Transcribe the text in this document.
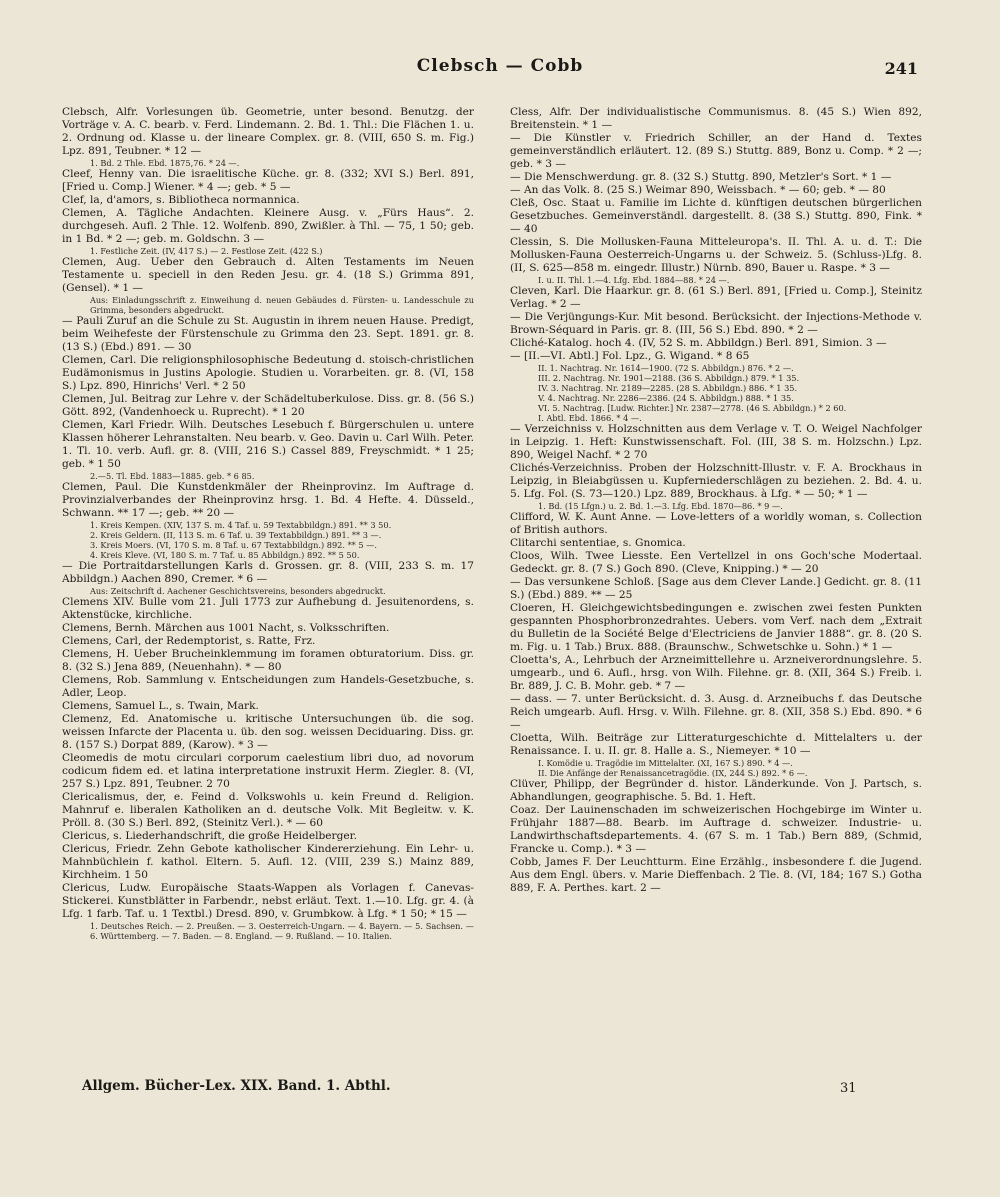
Clebsch — Cobb	241

Clebsch, Alfr. Vorlesungen üb. Geometrie, unter besond. Benutzg. der Vorträge v. A. C. bearb. v. Ferd. Lindemann. 2. Bd. 1. Thl.: Die Flächen 1. u. 2. Ordnung od. Klasse u. der lineare Complex. gr. 8. (VIII, 650 S. m. Fig.) Lpz. 891, Teubner. * 12 —

1. Bd. 2 Thle. Ebd. 1875,76. * 24 —.

Cleef, Henny van. Die israelitische Küche. gr. 8. (332; XVI S.) Berl. 891, [Fried u. Comp.] Wiener. * 4 —; geb. * 5 —

Clef, la, d'amors, s. Bibliotheca normannica.

Clemen, A. Tägliche Andachten. Kleinere Ausg. v. „Fürs Haus“. 2. durchgeseh. Aufl. 2 Thle. 12. Wolfenb. 890, Zwißler. à Thl. — 75, 1 50; geb. in 1 Bd. * 2 —; geb. m. Goldschn. 3 —

1. Festliche Zeit. (IV, 417 S.) — 2. Festlose Zeit. (422 S.)

Clemen, Aug. Ueber den Gebrauch d. Alten Testaments im Neuen Testamente u. speciell in den Reden Jesu. gr. 4. (18 S.) Grimma 891, (Gensel). * 1 —

Aus: Einladungsschrift z. Einweihung d. neuen Gebäudes d. Fürsten- u. Landesschule zu Grimma, besonders abgedruckt.

— Pauli Zuruf an die Schule zu St. Augustin in ihrem neuen Hause. Predigt, beim Weihefeste der Fürstenschule zu Grimma den 23. Sept. 1891. gr. 8. (13 S.) (Ebd.) 891. — 30

Clemen, Carl. Die religionsphilosophische Bedeutung d. stoisch-christlichen Eudämonismus in Justins Apologie. Studien u. Vorarbeiten. gr. 8. (VI, 158 S.) Lpz. 890, Hinrichs' Verl. * 2 50

Clemen, Jul. Beitrag zur Lehre v. der Schädeltuberkulose. Diss. gr. 8. (56 S.) Gött. 892, (Vandenhoeck u. Ruprecht). * 1 20

Clemen, Karl Friedr. Wilh. Deutsches Lesebuch f. Bürgerschulen u. untere Klassen höherer Lehranstalten. Neu bearb. v. Geo. Davin u. Carl Wilh. Peter. 1. Tl. 10. verb. Aufl. gr. 8. (VIII, 216 S.) Cassel 889, Freyschmidt. * 1 25; geb. * 1 50

2.—5. Tl. Ebd. 1883—1885. geb. * 6 85.

Clemen, Paul. Die Kunstdenkmäler der Rheinprovinz. Im Auftrage d. Provinzialverbandes der Rheinprovinz hrsg. 1. Bd. 4 Hefte. 4. Düsseld., Schwann. ** 17 —; geb. ** 20 —

1. Kreis Kempen. (XIV, 137 S. m. 4 Taf. u. 59 Textabbildgn.) 891. ** 3 50.

2. Kreis Geldern. (II, 113 S. m. 6 Taf. u. 39 Textabbildgn.) 891. ** 3 —.

3. Kreis Moers. (VI, 170 S. m. 8 Taf. u. 67 Textabbildgn.) 892. ** 5 —.

4. Kreis Kleve. (VI, 180 S. m. 7 Taf. u. 85 Abbildgn.) 892. ** 5 50.

— Die Portraitdarstellungen Karls d. Grossen. gr. 8. (VIII, 233 S. m. 17 Abbildgn.) Aachen 890, Cremer. * 6 —

Aus: Zeitschrift d. Aachener Geschichtsvereins, besonders abgedruckt.

Clemens XIV. Bulle vom 21. Juli 1773 zur Aufhebung d. Jesuitenordens, s. Aktenstücke, kirchliche.

Clemens, Bernh. Märchen aus 1001 Nacht, s. Volksschriften.

Clemens, Carl, der Redemptorist, s. Ratte, Frz.

Clemens, H. Ueber Bruchеinklemmung im foramen obturatorium. Diss. gr. 8. (32 S.) Jena 889, (Neuenhahn). * — 80

Clemens, Rob. Sammlung v. Entscheidungen zum Handels-Gesetzbuche, s. Adler, Leop.

Clemens, Samuel L., s. Twain, Mark.

Clemenz, Ed. Anatomische u. kritische Untersuchungen üb. die sog. weissen Infarcte der Placenta u. üb. den sog. weissen Deciduaring. Diss. gr. 8. (157 S.) Dorpat 889, (Karow). * 3 —

Cleomedis de motu circulari corporum caelestium libri duo, ad novorum codicum fidem ed. et latina interpretatione instruxit Herm. Ziegler. 8. (VI, 257 S.) Lpz. 891, Teubner. 2 70

Clericalismus, der, e. Feind d. Volkswohls u. kein Freund d. Religion. Mahnruf e. liberalen Katholiken an d. deutsche Volk. Mit Begleitw. v. K. Pröll. 8. (30 S.) Berl. 892, (Steinitz Verl.). * — 60

Clericus, s. Liederhandschrift, die große Heidelberger.

Clericus, Friedr. Zehn Gebote katholischer Kindererziehung. Ein Lehr- u. Mahnbüchlein f. kathol. Eltern. 5. Aufl. 12. (VIII, 239 S.) Mainz 889, Kirchheim. 1 50

Clericus, Ludw. Europäische Staats-Wappen als Vorlagen f. Canevas-Stickerei. Kunstblätter in Farbendr., nebst erläut. Text. 1.—10. Lfg. gr. 4. (à Lfg. 1 farb. Taf. u. 1 Textbl.) Dresd. 890, v. Grumbkow. à Lfg. * 1 50; * 15 —

1. Deutsches Reich. — 2. Preußen. — 3. Oesterreich-Ungarn. — 4. Bayern. — 5. Sachsen. — 6. Württemberg. — 7. Baden. — 8. England. — 9. Rußland. — 10. Italien.

Cless, Alfr. Der individualistische Communismus. 8. (45 S.) Wien 892, Breitenstein. * 1 —

— Die Künstler v. Friedrich Schiller, an der Hand d. Textes gemeinverständlich erläutert. 12. (89 S.) Stuttg. 889, Bonz u. Comp. * 2 —; geb. * 3 —

— Die Menschwerdung. gr. 8. (32 S.) Stuttg. 890, Metzler's Sort. * 1 —

— An das Volk. 8. (25 S.) Weimar 890, Weissbach. * — 60; geb. * — 80

Cleß, Osc. Staat u. Familie im Lichte d. künftigen deutschen bürgerlichen Gesetzbuches. Gemeinverständl. dargestellt. 8. (38 S.) Stuttg. 890, Fink. * — 40

Clessin, S. Die Mollusken-Fauna Mitteleuropa's. II. Thl. A. u. d. T.: Die Mollusken-Fauna Oesterreich-Ungarns u. der Schweiz. 5. (Schluss-)Lfg. 8. (II, S. 625—858 m. eingedr. Illustr.) Nürnb. 890, Bauer u. Raspe. * 3 —

I. u. II. Thl. 1.—4. Lfg. Ebd. 1884—88. * 24 —.

Cleven, Karl. Die Haarkur. gr. 8. (61 S.) Berl. 891, [Fried u. Comp.], Steinitz Verlag. * 2 —

— Die Verjüngungs-Kur. Mit besond. Berücksicht. der Injections-Methode v. Brown-Séquard in Paris. gr. 8. (III, 56 S.) Ebd. 890. * 2 —

Cliché-Katalog. hoch 4. (IV, 52 S. m. Abbildgn.) Berl. 891, Simion. 3 —

— [II.—VI. Abtl.] Fol. Lpz., G. Wigand. * 8 65

II. 1. Nachtrag. Nr. 1614—1900. (72 S. Abbildgn.) 876. * 2 —.

III. 2. Nachtrag. Nr. 1901—2188. (36 S. Abbildgn.) 879. * 1 35.

IV. 3. Nachtrag. Nr. 2189—2285. (28 S. Abbildgn.) 886. * 1 35.

V. 4. Nachtrag. Nr. 2286—2386. (24 S. Abbildgn.) 888. * 1 35.

VI. 5. Nachtrag. [Ludw. Richter.] Nr. 2387—2778. (46 S. Abbildgn.) * 2 60.

I. Abtl. Ebd. 1866. * 4 —.

— Verzeichniss v. Holzschnitten aus dem Verlage v. T. O. Weigel Nachfolger in Leipzig. 1. Heft: Kunstwissenschaft. Fol. (III, 38 S. m. Holzschn.) Lpz. 890, Weigel Nachf. * 2 70

Clichés-Verzeichniss. Proben der Holzschnitt-Illustr. v. F. A. Brockhaus in Leipzig, in Bleiabgüssen u. Kupferniederschlägen zu beziehen. 2. Bd. 4. u. 5. Lfg. Fol. (S. 73—120.) Lpz. 889, Brockhaus. à Lfg. * — 50; * 1 —

1. Bd. (15 Lfgn.) u. 2. Bd. 1.—3. Lfg. Ebd. 1870—86. * 9 —.

Clifford, W. K. Aunt Anne. — Love-letters of a worldly woman, s. Collection of British authors.

Clitarchi sententiae, s. Gnomica.

Cloos, Wilh. Twee Liesste. Een Vertellzel in ons Goch'sche Modertaal. Gedeckt. gr. 8. (7 S.) Goch 890. (Cleve, Knipping.) * — 20

— Das versunkene Schloß. [Sage aus dem Clever Lande.] Gedicht. gr. 8. (11 S.) (Ebd.) 889. ** — 25

Cloeren, H. Gleichgewichtsbedingungen e. zwischen zwei festen Punkten gespannten Phosphorbronzedrahtes. Uebers. vom Verf. nach dem „Extrait du Bulletin de la Société Belge d'Electriciens de Janvier 1888“. gr. 8. (20 S. m. Fig. u. 1 Tab.) Brux. 888. (Braunschw., Schwetschke u. Sohn.) * 1 —

Cloetta's, A., Lehrbuch der Arzneimittellehre u. Arzneiverordnungslehre. 5. umgearb., und 6. Aufl., hrsg. von Wilh. Filehne. gr. 8. (XII, 364 S.) Freib. i. Br. 889, J. C. B. Mohr. geb. * 7 —

— dass. — 7. unter Berücksicht. d. 3. Ausg. d. Arzneibuchs f. das Deutsche Reich umgearb. Aufl. Hrsg. v. Wilh. Filehne. gr. 8. (XII, 358 S.) Ebd. 890. * 6 —

Cloetta, Wilh. Beiträge zur Litteraturgeschichte d. Mittelalters u. der Renaissance. I. u. II. gr. 8. Halle a. S., Niemeyer. * 10 —

I. Komödie u. Tragödie im Mittelalter. (XI, 167 S.) 890. * 4 —.

II. Die Anfänge der Renaissancetragödie. (IX, 244 S.) 892. * 6 —.

Clüver, Philipp, der Begründer d. histor. Länderkunde. Von J. Partsch, s. Abhandlungen, geographische. 5. Bd. 1. Heft.

Coaz. Der Lauinenschaden im schweizerischen Hochgebirge im Winter u. Frühjahr 1887—88. Bearb. im Auftrage d. schweizer. Industrie- u. Landwirthschaftsdepartements. 4. (67 S. m. 1 Tab.) Bern 889, (Schmid, Francke u. Comp.). * 3 —

Cobb, James F. Der Leuchtturm. Eine Erzählg., insbesondere f. die Jugend. Aus dem Engl. übers. v. Marie Dieffenbach. 2 Tle. 8. (VI, 184; 167 S.) Gotha 889, F. A. Perthes. kart. 2 —

Allgem. Bücher-Lex. XIX. Band. 1. Abthl.	31
